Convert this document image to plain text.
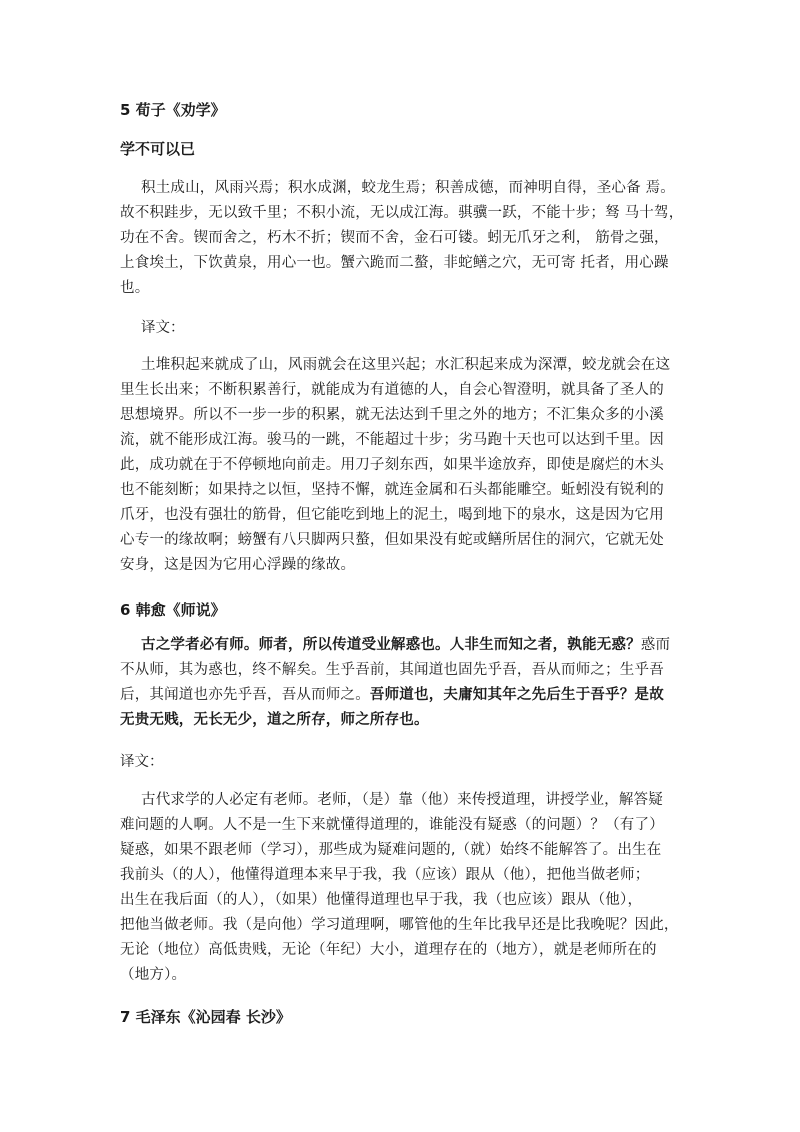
5 荀子《劝学》
学不可以已
积土成山，风雨兴焉；积水成渊，蛟龙生焉；积善成德，而神明自得，圣心备 焉。
故不积跬步，无以致千里；不积小流，无以成江海。骐骥一跃，不能十步；驽 马十驾，
功在不舍。锲而舍之，朽木不折；锲而不舍，金石可镂。蚓无爪牙之利， 筋骨之强，
上食埃土，下饮黄泉，用心一也。蟹六跪而二螯，非蛇鳝之穴，无可寄 托者，用心躁
也。
译文：
土堆积起来就成了山，风雨就会在这里兴起；水汇积起来成为深潭，蛟龙就会在这
里生长出来；不断积累善行，就能成为有道德的人，自会心智澄明，就具备了圣人的
思想境界。所以不一步一步的积累，就无法达到千里之外的地方；不汇集众多的小溪
流，就不能形成江海。骏马的一跳，不能超过十步；劣马跑十天也可以达到千里。因
此，成功就在于不停顿地向前走。用刀子刻东西，如果半途放弃，即使是腐烂的木头
也不能刻断；如果持之以恒，坚持不懈，就连金属和石头都能雕空。蚯蚓没有锐利的
爪牙，也没有强壮的筋骨，但它能吃到地上的泥土，喝到地下的泉水，这是因为它用
心专一的缘故啊；螃蟹有八只脚两只螯，但如果没有蛇或鳝所居住的洞穴，它就无处
安身，这是因为它用心浮躁的缘故。
6 韩愈《师说》
古之学者必有师。师者，所以传道受业解惑也。人非生而知之者，孰能无惑？惑而
不从师，其为惑也，终不解矣。生乎吾前，其闻道也固先乎吾，吾从而师之；生乎吾
后，其闻道也亦先乎吾，吾从而师之。吾师道也，夫庸知其年之先后生于吾乎？是故
无贵无贱，无长无少，道之所存，师之所存也。
译文：
古代求学的人必定有老师。老师，（是）靠（他）来传授道理，讲授学业，解答疑
难问题的人啊。人不是一生下来就懂得道理的，谁能没有疑惑（的问题）？（有了）
疑惑，如果不跟老师（学习），那些成为疑难问题的,（就）始终不能解答了。出生在
我前头（的人），他懂得道理本来早于我，我（应该）跟从（他），把他当做老师；
出生在我后面（的人），（如果）他懂得道理也早于我，我（也应该）跟从（他），
把他当做老师。我（是向他）学习道理啊，哪管他的生年比我早还是比我晚呢？因此，
无论（地位）高低贵贱，无论（年纪）大小，道理存在的（地方），就是老师所在的
（地方）。
7 毛泽东《沁园春 长沙》
